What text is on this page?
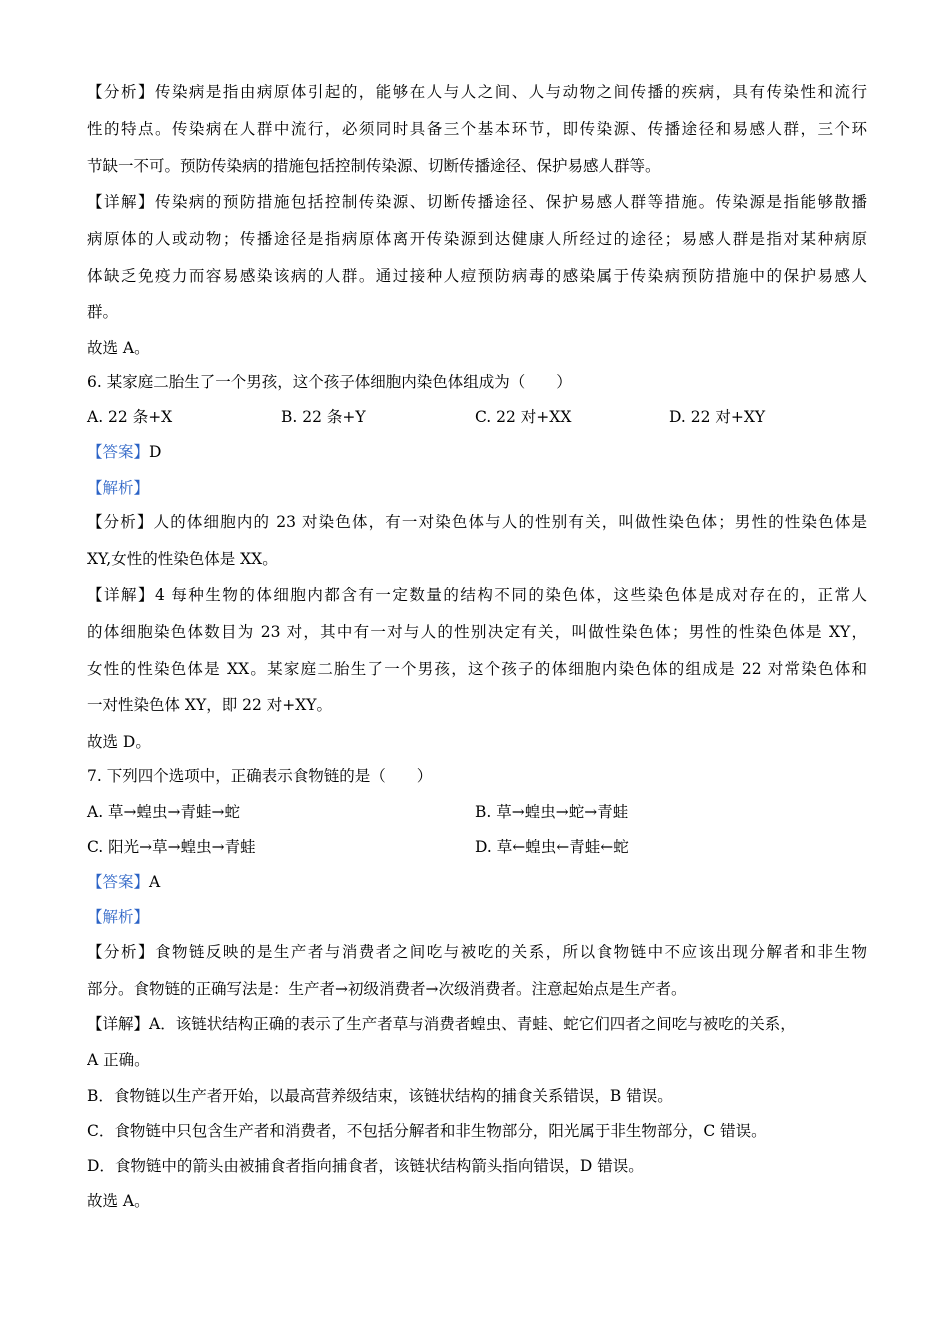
【分析】传染病是指由病原体引起的，能够在人与人之间、人与动物之间传播的疾病，具有传染性和流行
性的特点。传染病在人群中流行，必须同时具备三个基本环节，即传染源、传播途径和易感人群，三个环
节缺一不可。预防传染病的措施包括控制传染源、切断传播途径、保护易感人群等。
【详解】传染病的预防措施包括控制传染源、切断传播途径、保护易感人群等措施。传染源是指能够散播
病原体的人或动物；传播途径是指病原体离开传染源到达健康人所经过的途径；易感人群是指对某种病原
体缺乏免疫力而容易感染该病的人群。通过接种人痘预防病毒的感染属于传染病预防措施中的保护易感人
群。
故选 A。
6. 某家庭二胎生了一个男孩，这个孩子体细胞内染色体组成为（　　）
A. 22 条+X	B. 22 条+Y	C. 22 对+XX	D. 22 对+XY
【答案】D
【解析】
【分析】人的体细胞内的 23 对染色体，有一对染色体与人的性别有关，叫做性染色体；男性的性染色体是
XY,女性的性染色体是 XX。
【详解】4 每种生物的体细胞内都含有一定数量的结构不同的染色体，这些染色体是成对存在的，正常人
的体细胞染色体数目为 23 对，其中有一对与人的性别决定有关，叫做性染色体；男性的性染色体是 XY，
女性的性染色体是 XX。某家庭二胎生了一个男孩，这个孩子的体细胞内染色体的组成是 22 对常染色体和
一对性染色体 XY，即 22 对+XY。
故选 D。
7. 下列四个选项中，正确表示食物链的是（　　）
A. 草→蝗虫→青蛙→蛇	B. 草→蝗虫→蛇→青蛙
C. 阳光→草→蝗虫→青蛙	D. 草←蝗虫←青蛙←蛇
【答案】A
【解析】
【分析】食物链反映的是生产者与消费者之间吃与被吃的关系，所以食物链中不应该出现分解者和非生物
部分。食物链的正确写法是：生产者→初级消费者→次级消费者。注意起始点是生产者。
【详解】A．该链状结构正确的表示了生产者草与消费者蝗虫、青蛙、蛇它们四者之间吃与被吃的关系，
A 正确。
B．食物链以生产者开始，以最高营养级结束，该链状结构的捕食关系错误，B 错误。
C．食物链中只包含生产者和消费者，不包括分解者和非生物部分，阳光属于非生物部分，C 错误。
D．食物链中的箭头由被捕食者指向捕食者，该链状结构箭头指向错误，D 错误。
故选 A。
